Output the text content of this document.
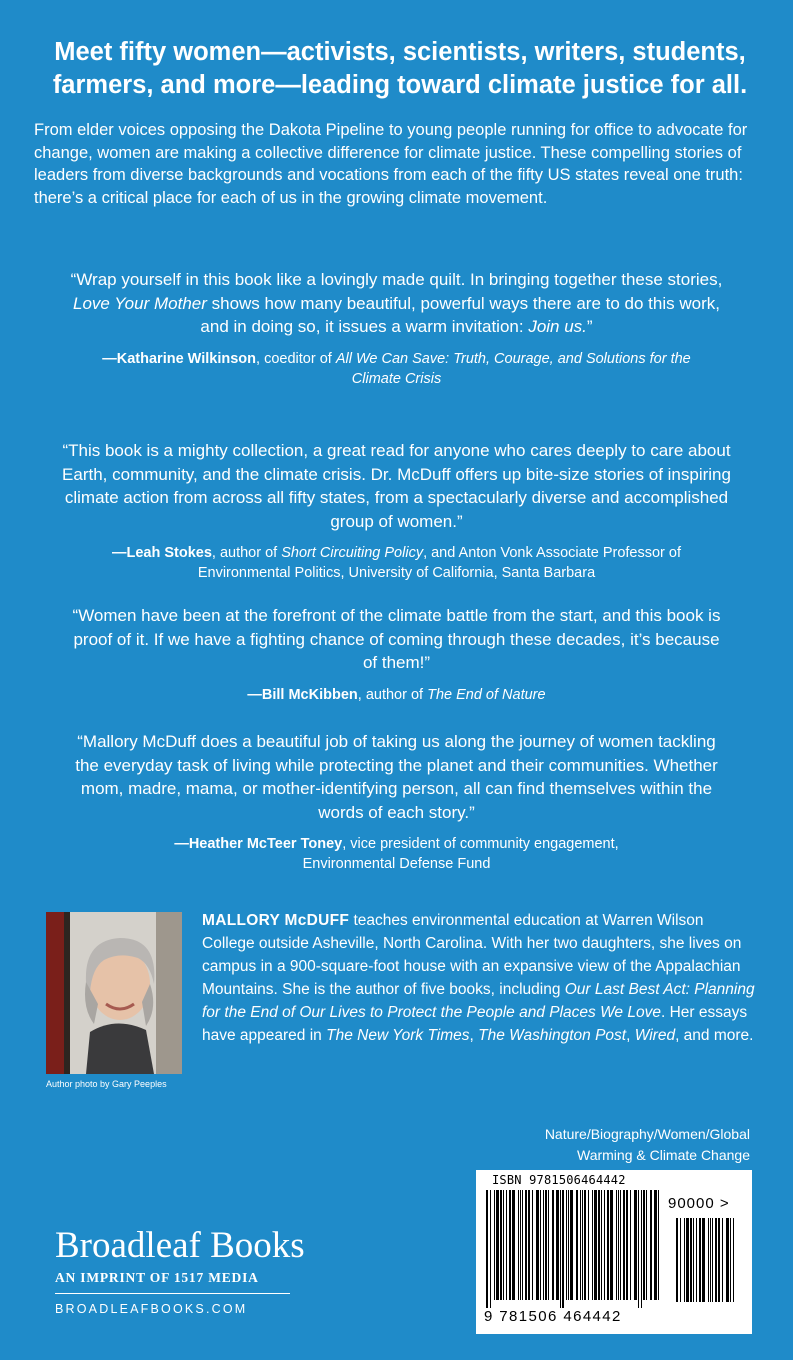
Meet fifty women—activists, scientists, writers, students,
farmers, and more—leading toward climate justice for all.
From elder voices opposing the Dakota Pipeline to young people running for office to advocate for change, women are making a collective difference for climate justice. These compelling stories of leaders from diverse backgrounds and vocations from each of the fifty US states reveal one truth: there’s a critical place for each of us in the growing climate movement.

“Wrap yourself in this book like a lovingly made quilt. In bringing together these stories, Love Your Mother shows how many beautiful, powerful ways there are to do this work, and in doing so, it issues a warm invitation: Join us.”

—Katharine Wilkinson, coeditor of All We Can Save: Truth, Courage, and Solutions for the Climate Crisis

“This book is a mighty collection, a great read for anyone who cares deeply to care about Earth, community, and the climate crisis. Dr. McDuff offers up bite-size stories of inspiring climate action from across all fifty states, from a spectacularly diverse and accomplished group of women.”

—Leah Stokes, author of Short Circuiting Policy, and Anton Vonk Associate Professor of Environmental Politics, University of California, Santa Barbara

“Women have been at the forefront of the climate battle from the start, and this book is proof of it. If we have a fighting chance of coming through these decades, it’s because of them!”

—Bill McKibben, author of The End of Nature

“Mallory McDuff does a beautiful job of taking us along the journey of women tackling the everyday task of living while protecting the planet and their communities. Whether mom, madre, mama, or mother-identifying person, all can find themselves within the words of each story.”

—Heather McTeer Toney, vice president of community engagement, Environmental Defense Fund

Author photo by Gary Peeples
MALLORY McDUFF teaches environmental education at Warren Wilson College outside Asheville, North Carolina. With her two daughters, she lives on campus in a 900-square-foot house with an expansive view of the Appalachian Mountains. She is the author of five books, including Our Last Best Act: Planning for the End of Our Lives to Protect the People and Places We Love. Her essays have appeared in The New York Times, The Washington Post, Wired, and more.
Nature/Biography/Women/Global
Warming & Climate Change
ISBN 9781506464442
90000 >
9 781506 464442
Broadleaf Books
AN IMPRINT OF 1517 MEDIA
BROADLEAFBOOKS.COM
